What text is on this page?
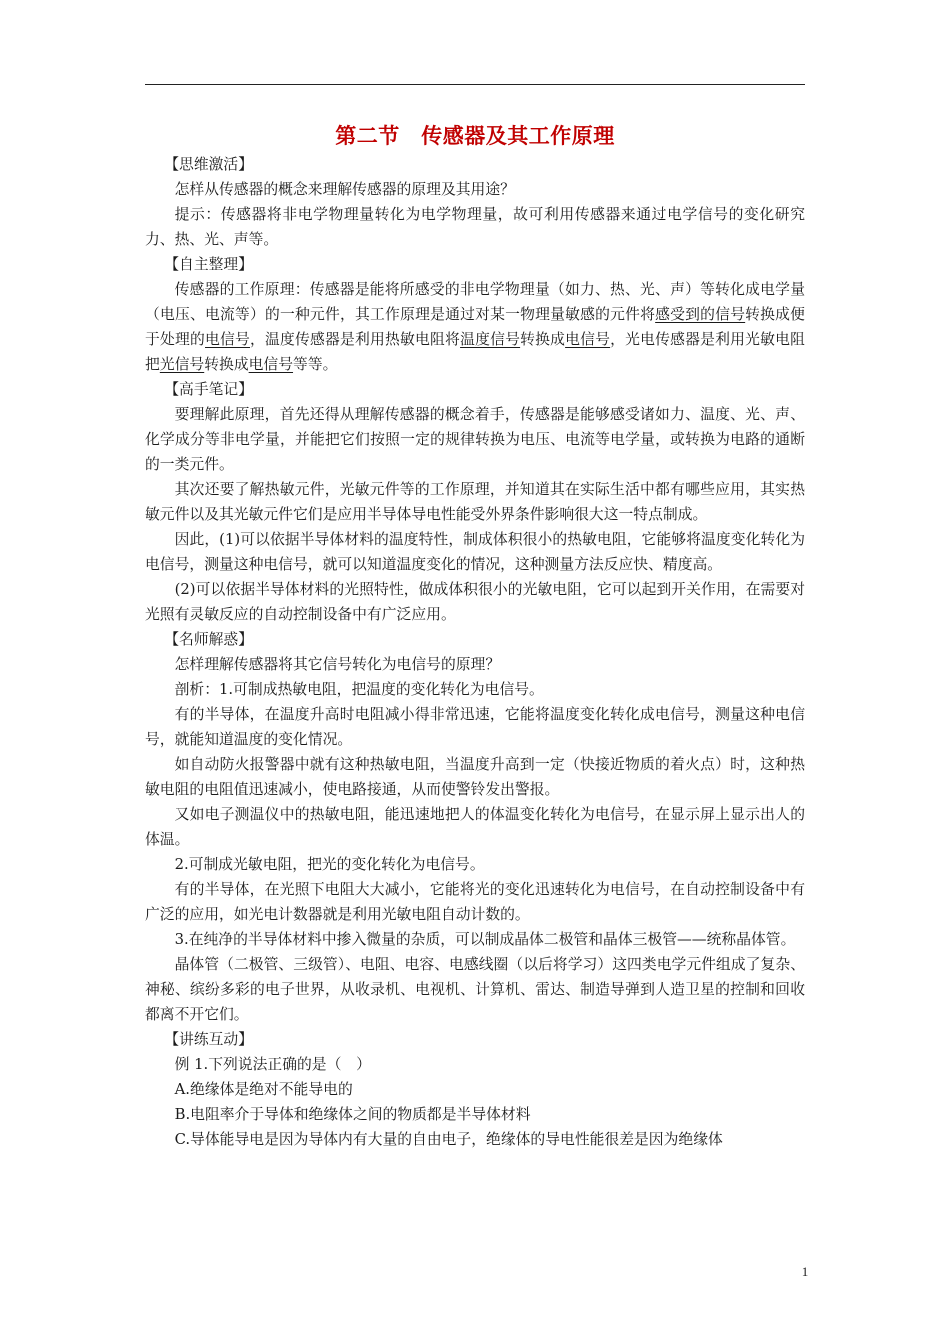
第二节　传感器及其工作原理

【思维激活】

怎样从传感器的概念来理解传感器的原理及其用途？

提示：传感器将非电学物理量转化为电学物理量，故可利用传感器来通过电学信号的变化研究力、热、光、声等。

【自主整理】

传感器的工作原理：传感器是能将所感受的非电学物理量（如力、热、光、声）等转化成电学量（电压、电流等）的一种元件，其工作原理是通过对某一物理量敏感的元件将感受到的信号转换成便于处理的电信号，温度传感器是利用热敏电阻将温度信号转换成电信号，光电传感器是利用光敏电阻把光信号转换成电信号等等。

【高手笔记】

要理解此原理，首先还得从理解传感器的概念着手，传感器是能够感受诸如力、温度、光、声、化学成分等非电学量，并能把它们按照一定的规律转换为电压、电流等电学量，或转换为电路的通断的一类元件。

其次还要了解热敏元件，光敏元件等的工作原理，并知道其在实际生活中都有哪些应用，其实热敏元件以及其光敏元件它们是应用半导体导电性能受外界条件影响很大这一特点制成。

因此，(1)可以依据半导体材料的温度特性，制成体积很小的热敏电阻，它能够将温度变化转化为电信号，测量这种电信号，就可以知道温度变化的情况，这种测量方法反应快、精度高。

(2)可以依据半导体材料的光照特性，做成体积很小的光敏电阻，它可以起到开关作用，在需要对光照有灵敏反应的自动控制设备中有广泛应用。

【名师解惑】

怎样理解传感器将其它信号转化为电信号的原理？

剖析：1.可制成热敏电阻，把温度的变化转化为电信号。

有的半导体，在温度升高时电阻减小得非常迅速，它能将温度变化转化成电信号，测量这种电信号，就能知道温度的变化情况。

如自动防火报警器中就有这种热敏电阻，当温度升高到一定（快接近物质的着火点）时，这种热敏电阻的电阻值迅速减小，使电路接通，从而使警铃发出警报。

又如电子测温仪中的热敏电阻，能迅速地把人的体温变化转化为电信号，在显示屏上显示出人的体温。

2.可制成光敏电阻，把光的变化转化为电信号。

有的半导体，在光照下电阻大大减小，它能将光的变化迅速转化为电信号，在自动控制设备中有广泛的应用，如光电计数器就是利用光敏电阻自动计数的。

3.在纯净的半导体材料中掺入微量的杂质，可以制成晶体二极管和晶体三极管——统称晶体管。

晶体管（二极管、三级管）、电阻、电容、电感线圈（以后将学习）这四类电学元件组成了复杂、神秘、缤纷多彩的电子世界，从收录机、电视机、计算机、雷达、制造导弹到人造卫星的控制和回收都离不开它们。

【讲练互动】

例 1.下列说法正确的是（　）

A.绝缘体是绝对不能导电的

B.电阻率介于导体和绝缘体之间的物质都是半导体材料

C.导体能导电是因为导体内有大量的自由电子，绝缘体的导电性能很差是因为绝缘体

1
